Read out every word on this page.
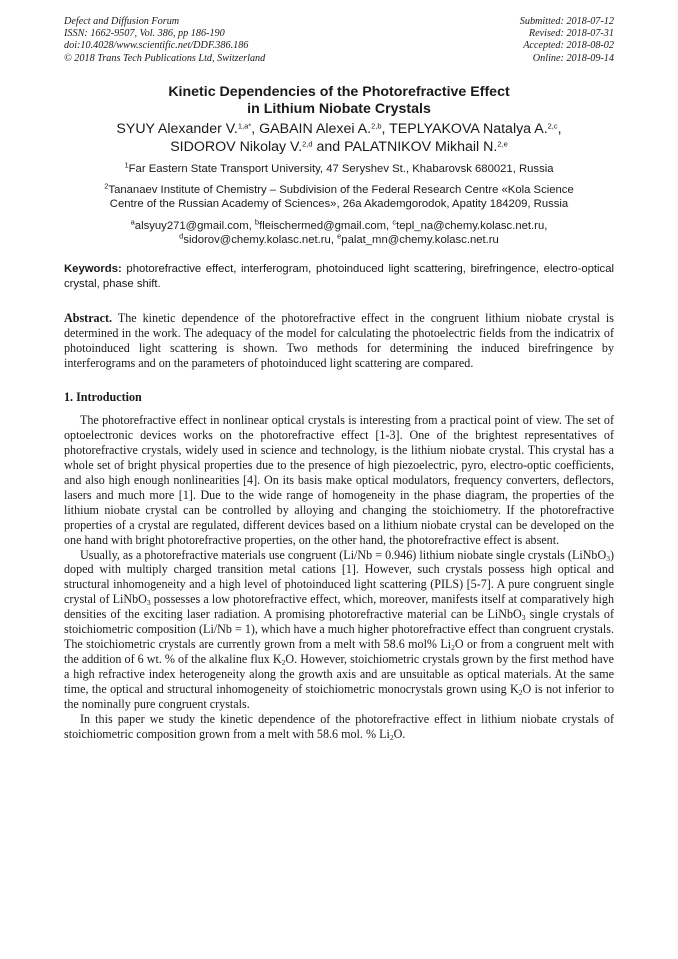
Defect and Diffusion Forum
ISSN: 1662-9507, Vol. 386, pp 186-190
doi:10.4028/www.scientific.net/DDF.386.186
© 2018 Trans Tech Publications Ltd, Switzerland
Submitted: 2018-07-12
Revised: 2018-07-31
Accepted: 2018-08-02
Online: 2018-09-14
Kinetic Dependencies of the Photorefractive Effect
in Lithium Niobate Crystals
SYUY Alexander V.$^{1,a*}$, GABAIN Alexei A.$^{2,b}$, TEPLYAKOVA Natalya A.$^{2,c}$,
SIDOROV Nikolay V.$^{2,d}$ and PALATNIKOV Mikhail N.$^{2,e}$
$^1$Far Eastern State Transport University, 47 Seryshev St., Khabarovsk 680021, Russia
$^2$Tananaev Institute of Chemistry – Subdivision of the Federal Research Centre «Kola Science
Centre of the Russian Academy of Sciences», 26a Akademgorodok, Apatity 184209, Russia
$^a$alsyuy271@gmail.com, $^b$fleischermed@gmail.com, $^c$tepl_na@chemy.kolasc.net.ru,
$^d$sidorov@chemy.kolasc.net.ru, $^e$palat_mn@chemy.kolasc.net.ru
Keywords: photorefractive effect, interferogram, photoinduced light scattering, birefringence, electro-optical crystal, phase shift.
Abstract. The kinetic dependence of the photorefractive effect in the congruent lithium niobate crystal is determined in the work. The adequacy of the model for calculating the photoelectric fields from the indicatrix of photoinduced light scattering is shown. Two methods for determining the induced birefringence by interferograms and on the parameters of photoinduced light scattering are compared.
1. Introduction

The photorefractive effect in nonlinear optical crystals is interesting from a practical point of view. The set of optoelectronic devices works on the photorefractive effect [1-3]. One of the brightest representatives of photorefractive crystals, widely used in science and technology, is the lithium niobate crystal. This crystal has a whole set of bright physical properties due to the presence of high piezoelectric, pyro, electro-optic coefficients, and also high enough nonlinearities [4]. On its basis make optical modulators, frequency converters, deflectors, lasers and much more [1]. Due to the wide range of homogeneity in the phase diagram, the properties of the lithium niobate crystal can be controlled by alloying and changing the stoichiometry. If the photorefractive properties of a crystal are regulated, different devices based on a lithium niobate crystal can be developed on the one hand with bright photorefractive properties, on the other hand, the photorefractive effect is absent.

Usually, as a photorefractive materials use congruent (Li/Nb = 0.946) lithium niobate single crystals (LiNbO$_3$) doped with multiply charged transition metal cations [1]. However, such crystals possess high optical and structural inhomogeneity and a high level of photoinduced light scattering (PILS) [5-7]. A pure congruent single crystal of LiNbO$_3$ possesses a low photorefractive effect, which, moreover, manifests itself at comparatively high densities of the exciting laser radiation. A promising photorefractive material can be LiNbO$_3$ single crystals of stoichiometric composition (Li/Nb = 1), which have a much higher photorefractive effect than congruent crystals. The stoichiometric crystals are currently grown from a melt with 58.6 mol% $Li_2O$ or from a congruent melt with the addition of 6 wt. % of the alkaline flux $K_2O$. However, stoichiometric crystals grown by the first method have a high refractive index heterogeneity along the growth axis and are unsuitable as optical materials. At the same time, the optical and structural inhomogeneity of stoichiometric monocrystals grown using $K_2O$ is not inferior to the nominally pure congruent crystals.

In this paper we study the kinetic dependence of the photorefractive effect in lithium niobate crystals of stoichiometric composition grown from a melt with 58.6 mol. % $Li_2O$.
